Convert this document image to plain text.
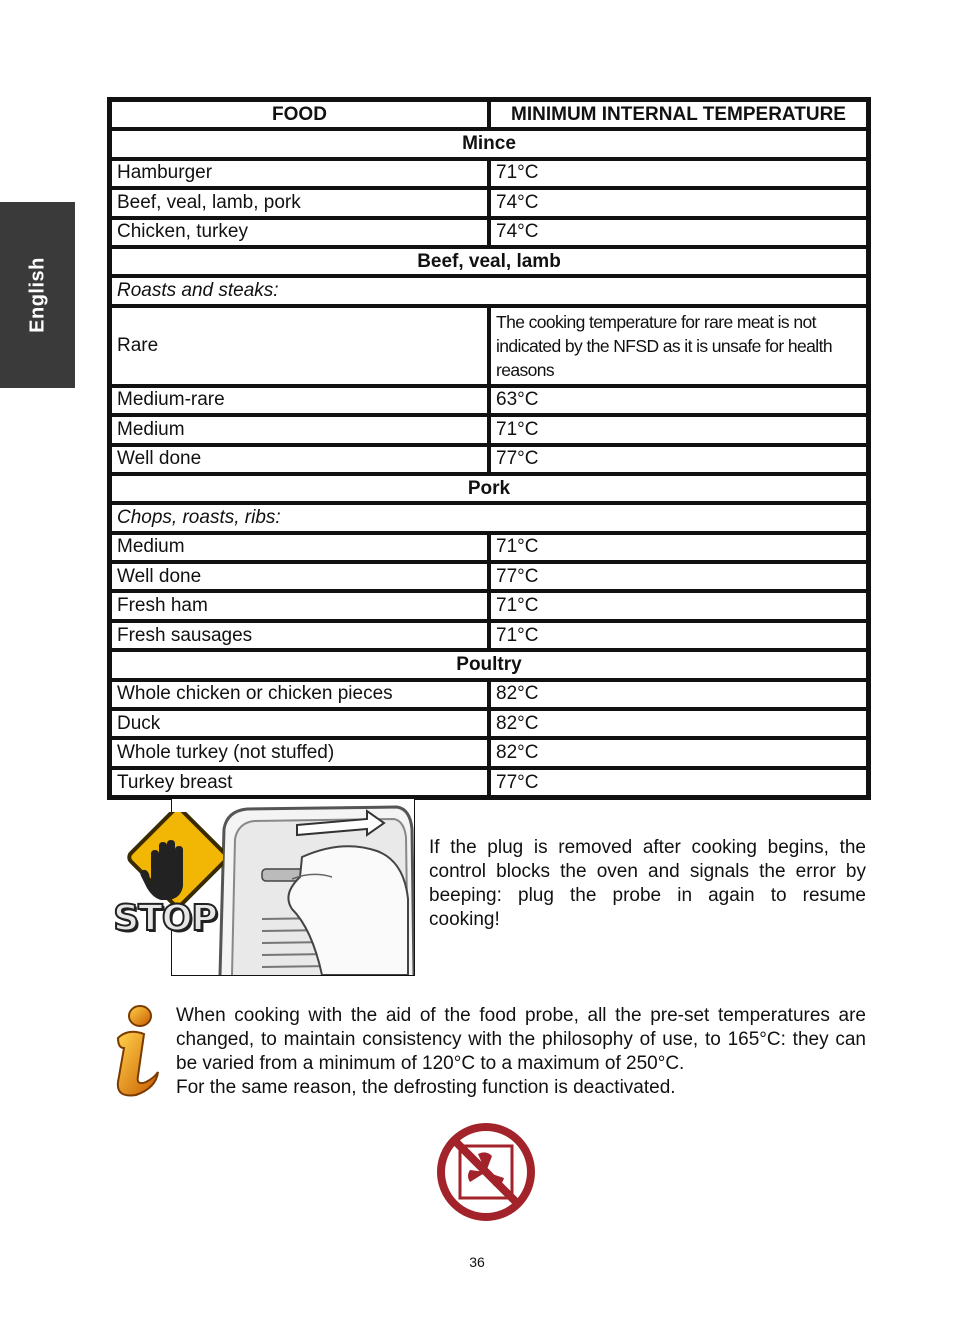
English
FOOD	MINIMUM INTERNAL TEMPERATURE
Mince	
Hamburger	71°C
Beef, veal, lamb, pork	74°C
Chicken, turkey	74°C
Beef, veal, lamb	
Roasts and steaks:	
Rare	The cooking temperature for rare meat is not indicated by the NFSD as it is unsafe for health reasons
Medium-rare	63°C
Medium	71°C
Well done	77°C
Pork	
Chops, roasts, ribs:	
Medium	71°C
Well done	77°C
Fresh ham	71°C
Fresh sausages	71°C
Poultry	
Whole chicken or chicken pieces	82°C
Duck	82°C
Whole turkey (not stuffed)	82°C
Turkey breast	77°C
STOP
If the plug is removed after cooking begins, the control blocks the oven and signals the error by beeping: plug the probe in again to resume cooking!

When cooking with the aid of the food probe, all the pre-set temperatures are changed, to maintain consistency with the philosophy of use, to 165°C: they can be varied from a minimum of 120°C to a maximum of 250°C.

For the same reason, the defrosting function is deactivated.

36
